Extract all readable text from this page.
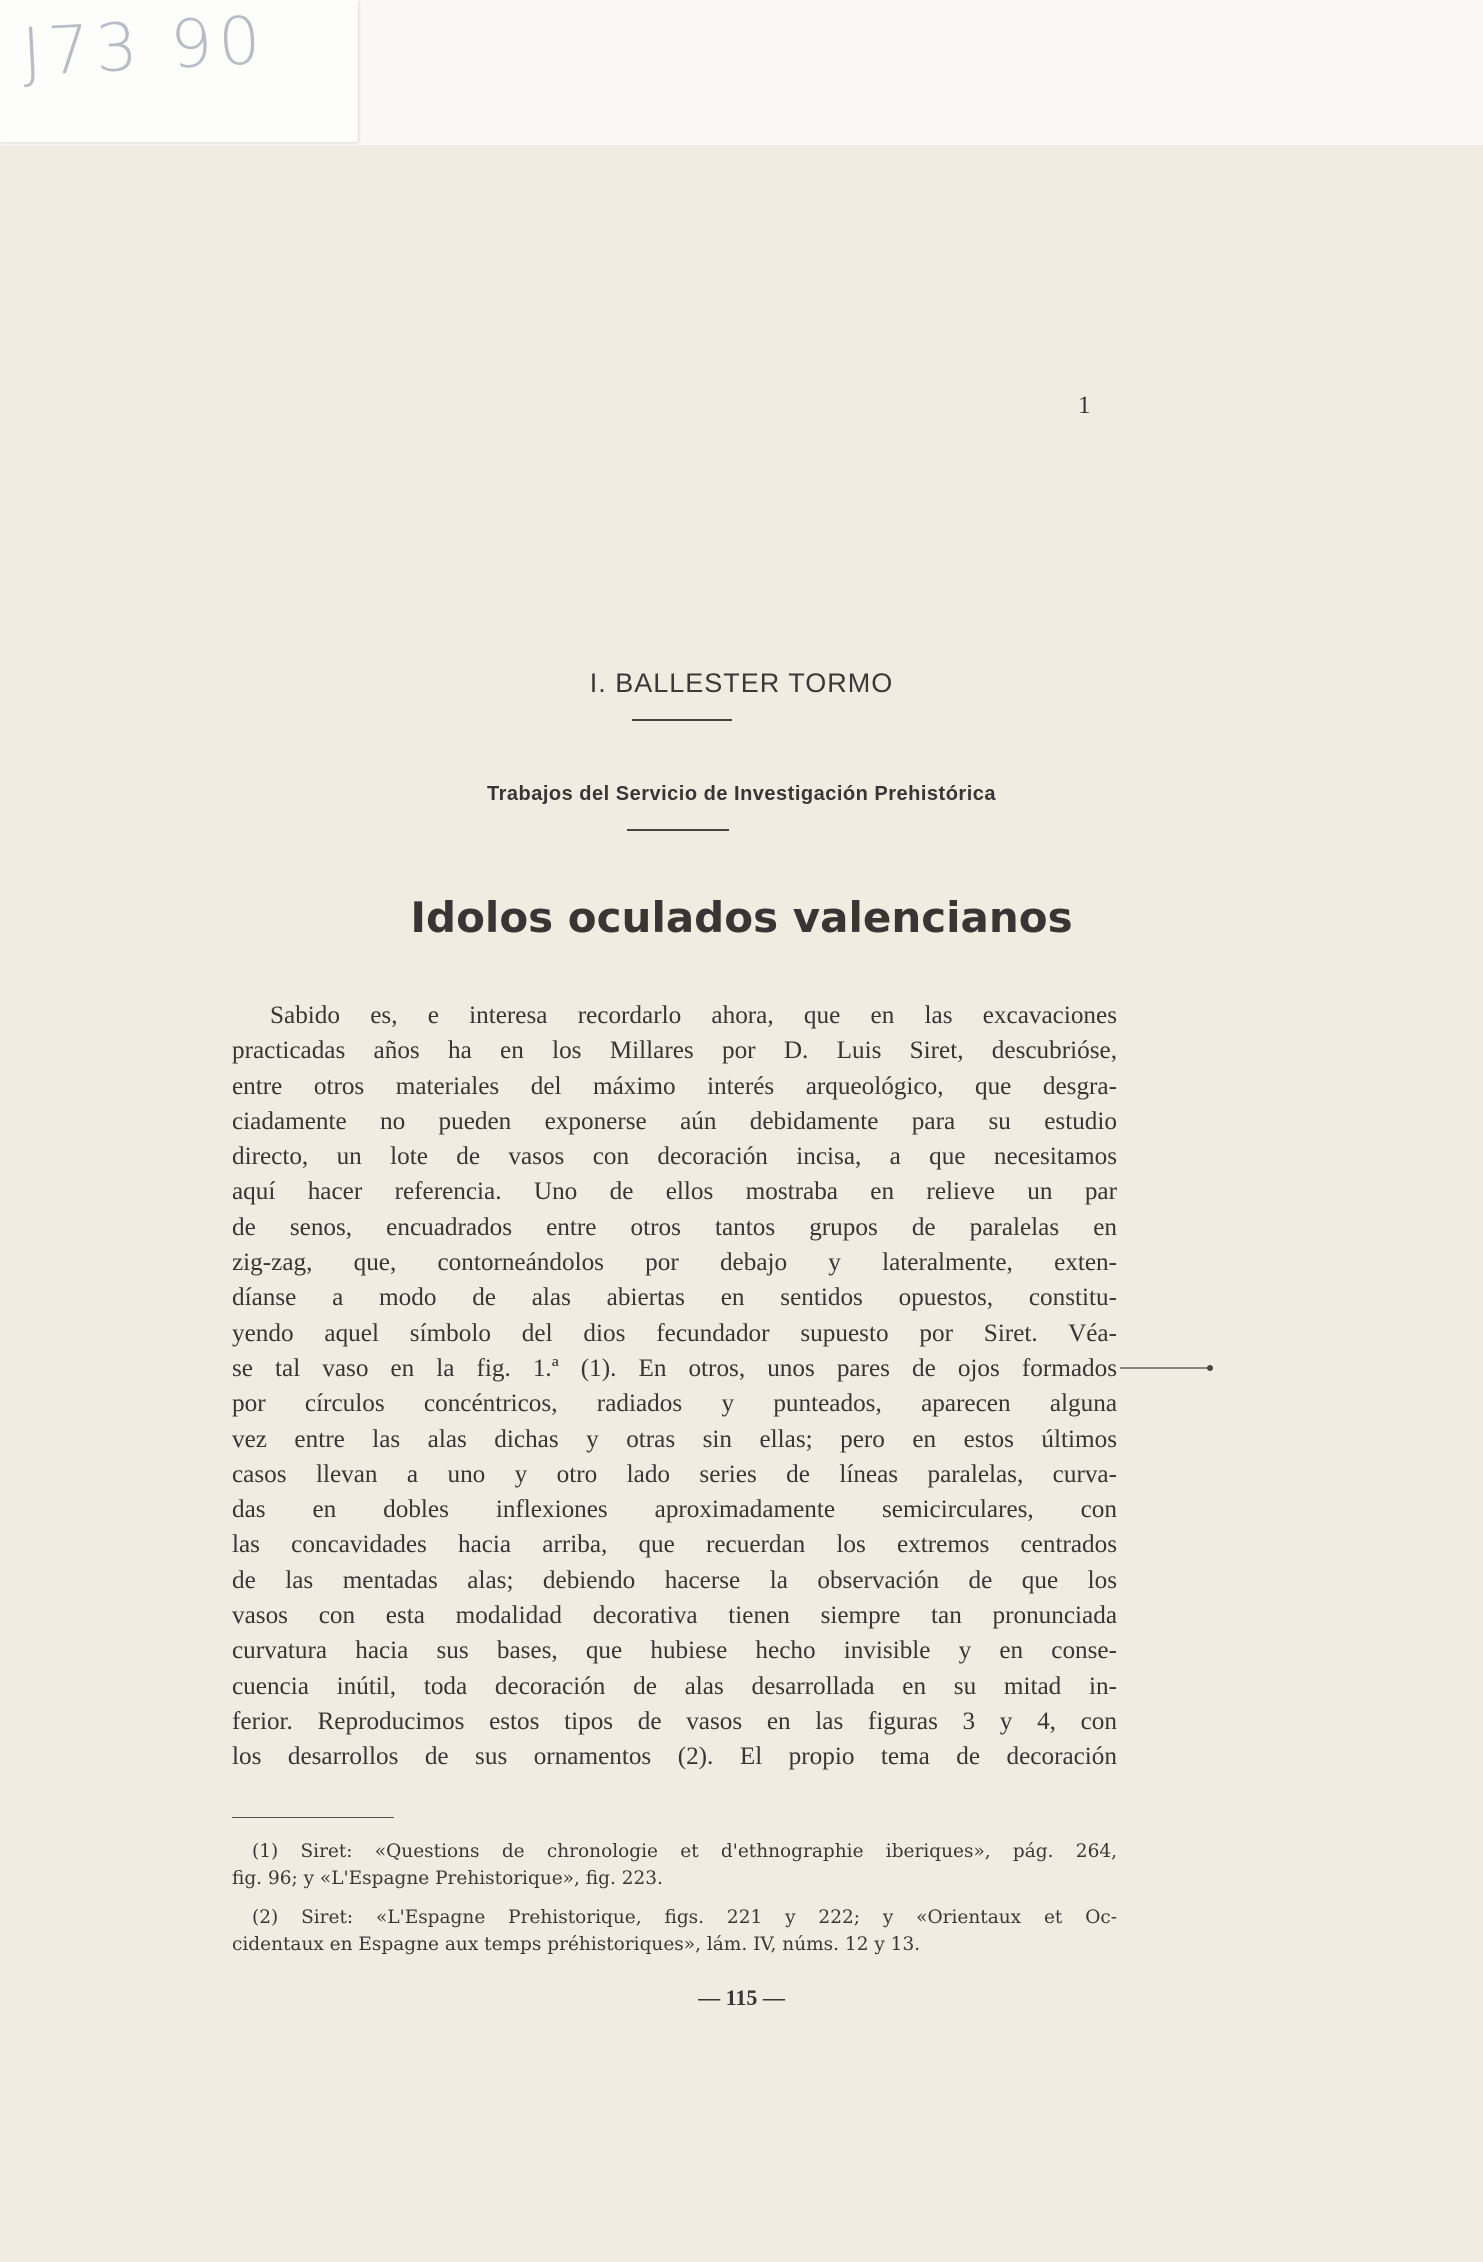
J73 90
1
I. BALLESTER TORMO
Trabajos del Servicio de Investigación Prehistórica
Idolos oculados valencianos
Sabido es, e interesa recordarlo ahora, que en las excavaciones
practicadas años ha en los Millares por D. Luis Siret, descubrióse,
entre otros materiales del máximo interés arqueológico, que desgra-
ciadamente no pueden exponerse aún debidamente para su estudio
directo, un lote de vasos con decoración incisa, a que necesitamos
aquí hacer referencia. Uno de ellos mostraba en relieve un par
de senos, encuadrados entre otros tantos grupos de paralelas en
zig-zag, que, contorneándolos por debajo y lateralmente, exten-
díanse a modo de alas abiertas en sentidos opuestos, constitu-
yendo aquel símbolo del dios fecundador supuesto por Siret. Véa-
se tal vaso en la fig. 1.ª (1). En otros, unos pares de ojos formados
por círculos concéntricos, radiados y punteados, aparecen alguna
vez entre las alas dichas y otras sin ellas; pero en estos últimos
casos llevan a uno y otro lado series de líneas paralelas, curva-
das en dobles inflexiones aproximadamente semicirculares, con
las concavidades hacia arriba, que recuerdan los extremos centrados
de las mentadas alas; debiendo hacerse la observación de que los
vasos con esta modalidad decorativa tienen siempre tan pronunciada
curvatura hacia sus bases, que hubiese hecho invisible y en conse-
cuencia inútil, toda decoración de alas desarrollada en su mitad in-
ferior. Reproducimos estos tipos de vasos en las figuras 3 y 4, con
los desarrollos de sus ornamentos (2). El propio tema de decoración
(1) Siret: «Questions de chronologie et d'ethnographie iberiques», pág. 264,
fig. 96; y «L'Espagne Prehistorique», fig. 223.
(2) Siret: «L'Espagne Prehistorique, figs. 221 y 222; y «Orientaux et Oc-
cidentaux en Espagne aux temps préhistoriques», lám. IV, núms. 12 y 13.
— 115 —
